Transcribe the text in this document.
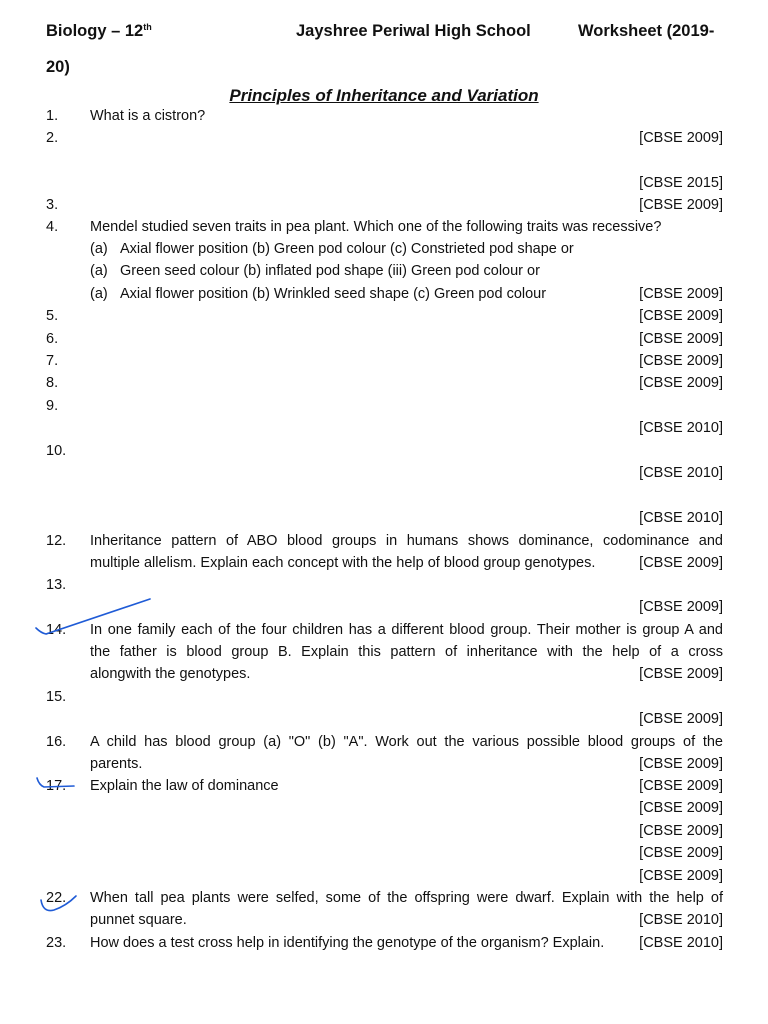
Biology – 12th	Jayshree Periwal High School	Worksheet (2019-
20)
Principles of Inheritance and Variation
1. What is a cistron?
2.	[CBSE 2009]
[CBSE 2015]
3.	[CBSE 2009]
4. Mendel studied seven traits in pea plant. Which one of the following traits was recessive?
(a) Axial flower position (b) Green pod colour (c) Constrieted pod shape or
(a) Green seed colour (b) inflated pod shape (iii) Green pod colour or
(a) Axial flower position (b) Wrinkled seed shape (c) Green pod colour	[CBSE 2009]
5.	[CBSE 2009]
6.	[CBSE 2009]
7.	[CBSE 2009]
8.	[CBSE 2009]
9.
[CBSE 2010]
10.
[CBSE 2010]
[CBSE 2010]
12. Inheritance pattern of ABO blood groups in humans shows dominance, codominance and
multiple allelism. Explain each concept with the help of blood group genotypes.	[CBSE 2009]
13.
[CBSE 2009]
14. In one family each of the four children has a different blood group. Their mother is group A and
the father is blood group B. Explain this pattern of inheritance with the help of a cross
alongwith the genotypes.	[CBSE 2009]
15.
[CBSE 2009]
16. A child has blood group (a) "O" (b) "A". Work out the various possible blood groups of the
parents.	[CBSE 2009]
17. Explain the law of dominance	[CBSE 2009]
[CBSE 2009]
[CBSE 2009]
[CBSE 2009]
[CBSE 2009]
22. When tall pea plants were selfed, some of the offspring were dwarf. Explain with the help of
punnet square.	[CBSE 2010]
23. How does a test cross help in identifying the genotype of the organism? Explain.	[CBSE 2010]
